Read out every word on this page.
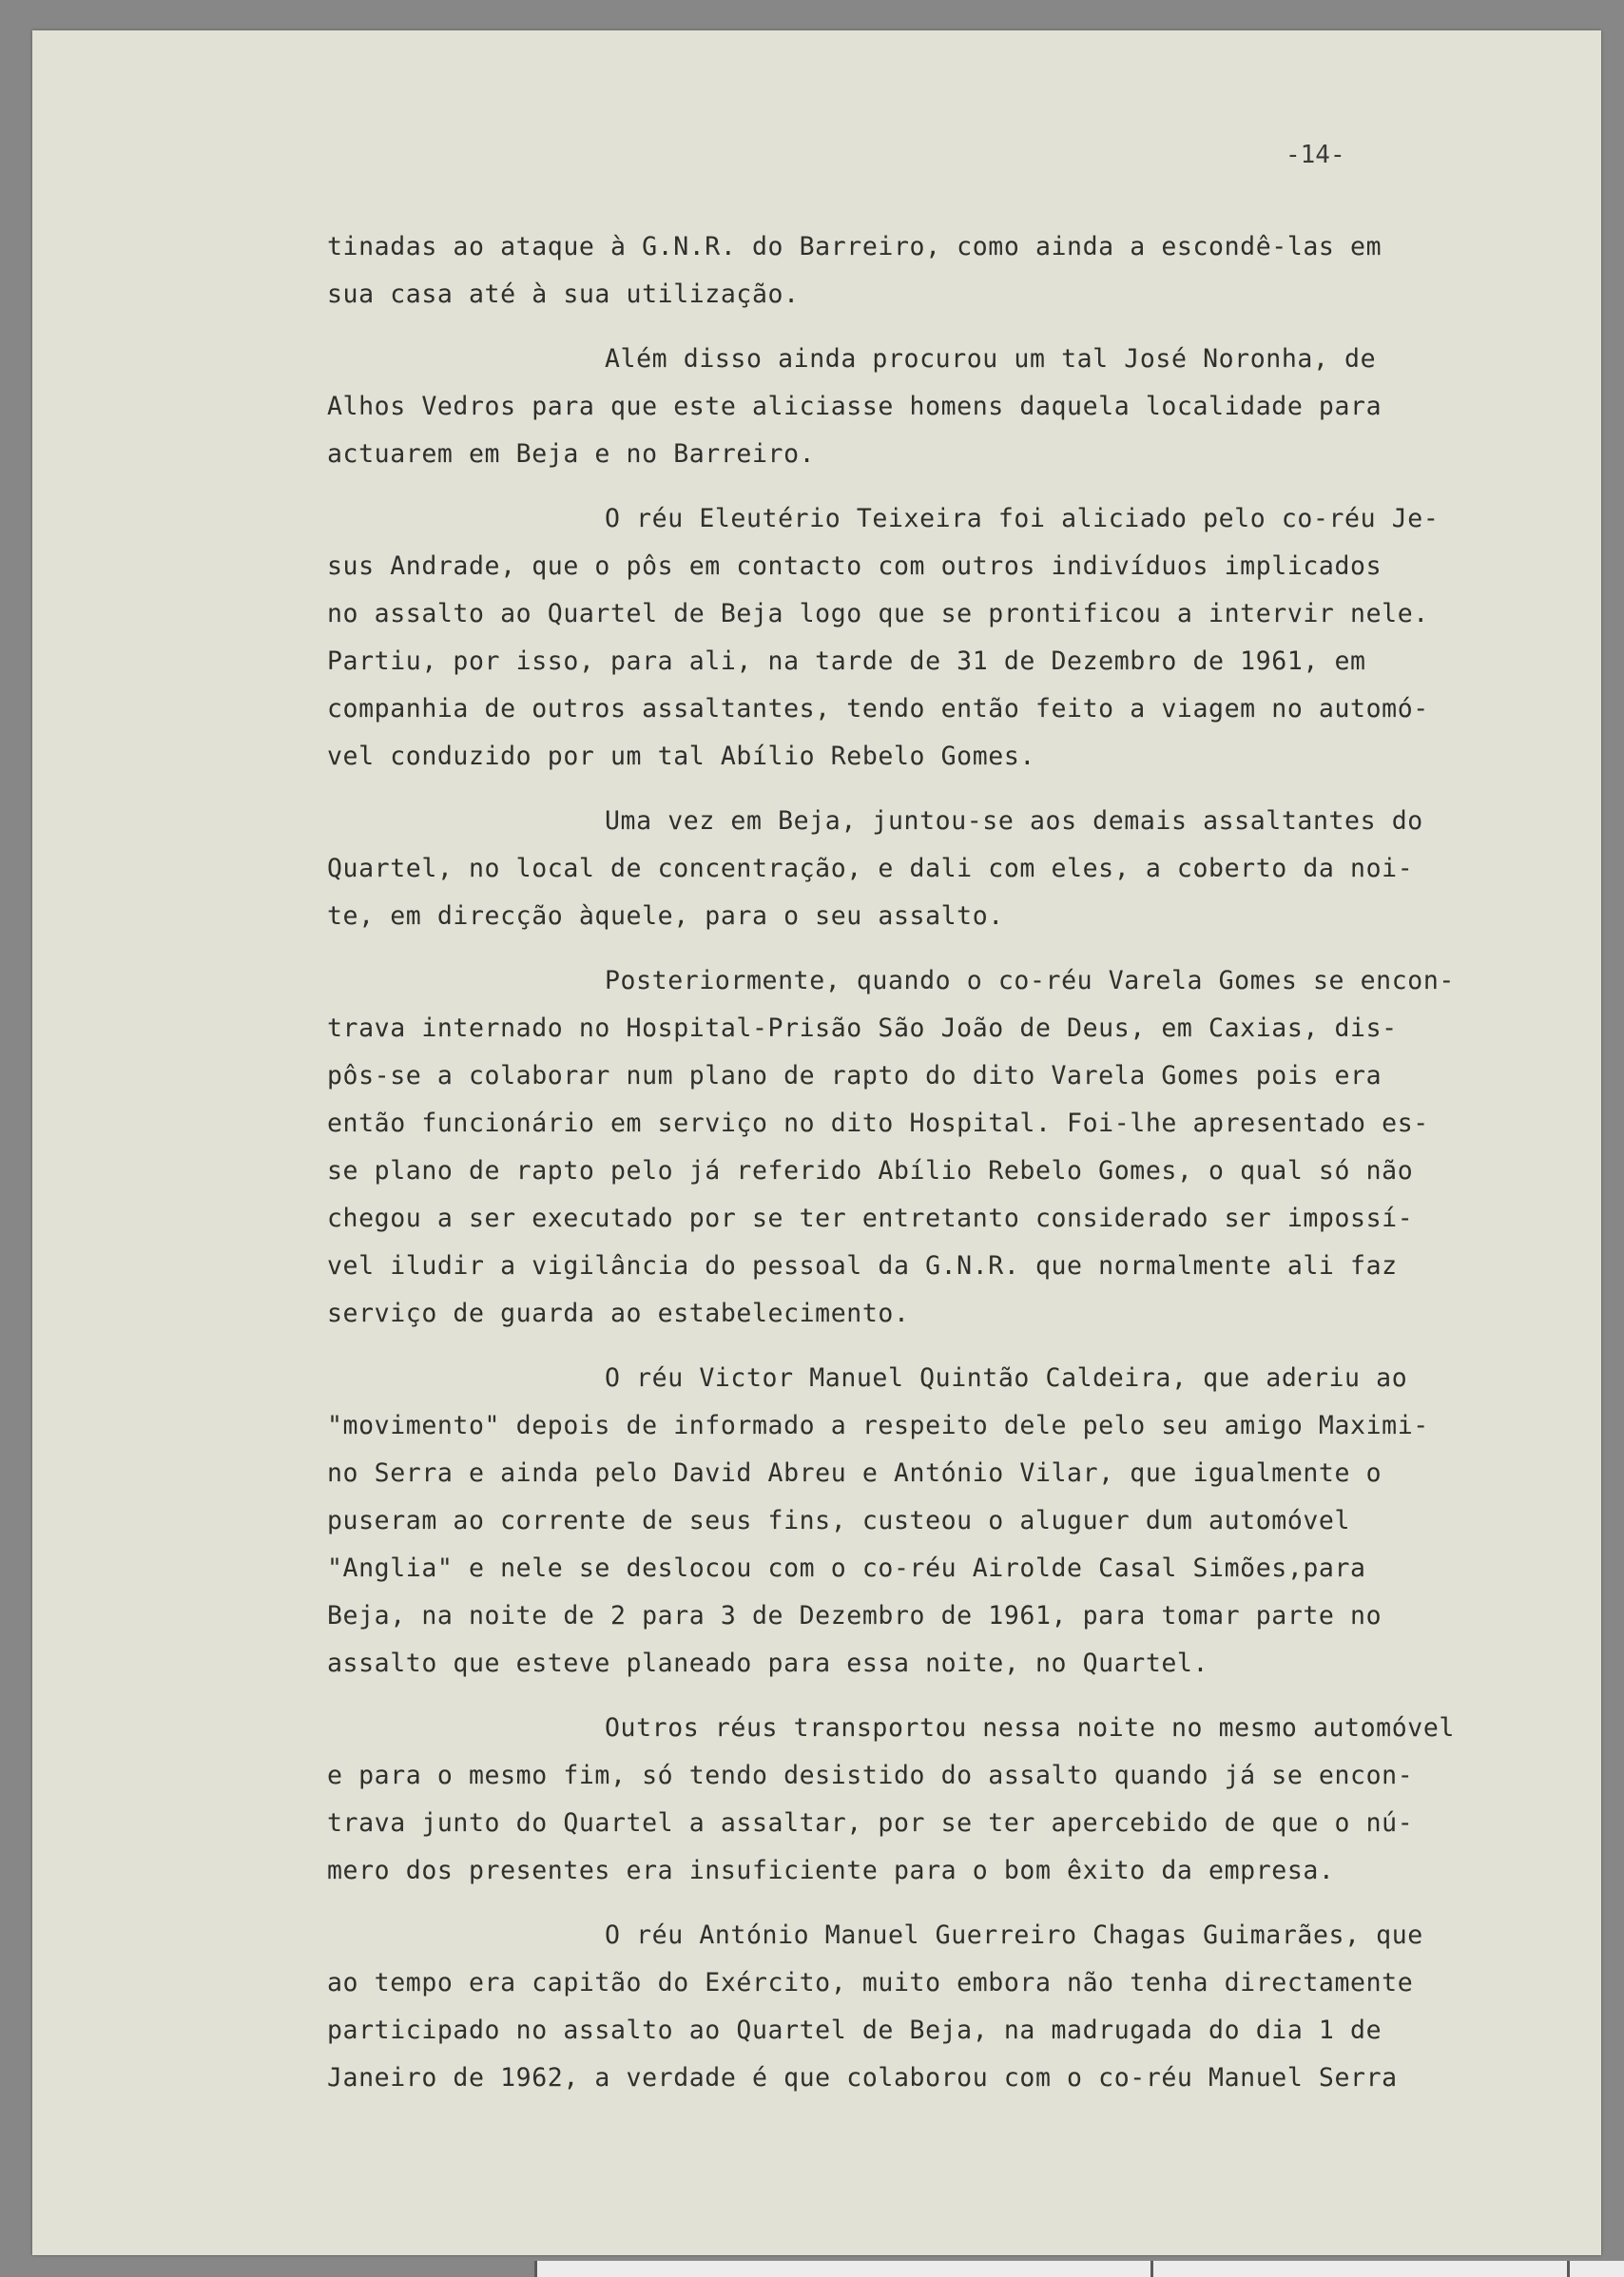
-14-
tinadas ao ataque à G.N.R. do Barreiro, como ainda a escondê-las em
sua casa até à sua utilização.
Além disso ainda procurou um tal José Noronha, de
Alhos Vedros para que este aliciasse homens daquela localidade para
actuarem em Beja e no Barreiro.
O réu Eleutério Teixeira foi aliciado pelo co-réu Je-
sus Andrade, que o pôs em contacto com outros indivíduos implicados
no assalto ao Quartel de Beja logo que se prontificou a intervir nele.
Partiu, por isso, para ali, na tarde de 31 de Dezembro de 1961, em
companhia de outros assaltantes, tendo então feito a viagem no automó-
vel conduzido por um tal Abílio Rebelo Gomes.
Uma vez em Beja, juntou-se aos demais assaltantes do
Quartel, no local de concentração, e dali com eles, a coberto da noi-
te, em direcção àquele, para o seu assalto.
Posteriormente, quando o co-réu Varela Gomes se encon-
trava internado no Hospital-Prisão São João de Deus, em Caxias, dis-
pôs-se a colaborar num plano de rapto do dito Varela Gomes pois era
então funcionário em serviço no dito Hospital. Foi-lhe apresentado es-
se plano de rapto pelo já referido Abílio Rebelo Gomes, o qual só não
chegou a ser executado por se ter entretanto considerado ser impossí-
vel iludir a vigilância do pessoal da G.N.R. que normalmente ali faz
serviço de guarda ao estabelecimento.
O réu Victor Manuel Quintão Caldeira, que aderiu ao
"movimento" depois de informado a respeito dele pelo seu amigo Maximi-
no Serra e ainda pelo David Abreu e António Vilar, que igualmente o
puseram ao corrente de seus fins, custeou o aluguer dum automóvel
"Anglia" e nele se deslocou com o co-réu Airolde Casal Simões,para
Beja, na noite de 2 para 3 de Dezembro de 1961, para tomar parte no
assalto que esteve planeado para essa noite, no Quartel.
Outros réus transportou nessa noite no mesmo automóvel
e para o mesmo fim, só tendo desistido do assalto quando já se encon-
trava junto do Quartel a assaltar, por se ter apercebido de que o nú-
mero dos presentes era insuficiente para o bom êxito da empresa.
O réu António Manuel Guerreiro Chagas Guimarães, que
ao tempo era capitão do Exército, muito embora não tenha directamente
participado no assalto ao Quartel de Beja, na madrugada do dia 1 de
Janeiro de 1962, a verdade é que colaborou com o co-réu Manuel Serra
